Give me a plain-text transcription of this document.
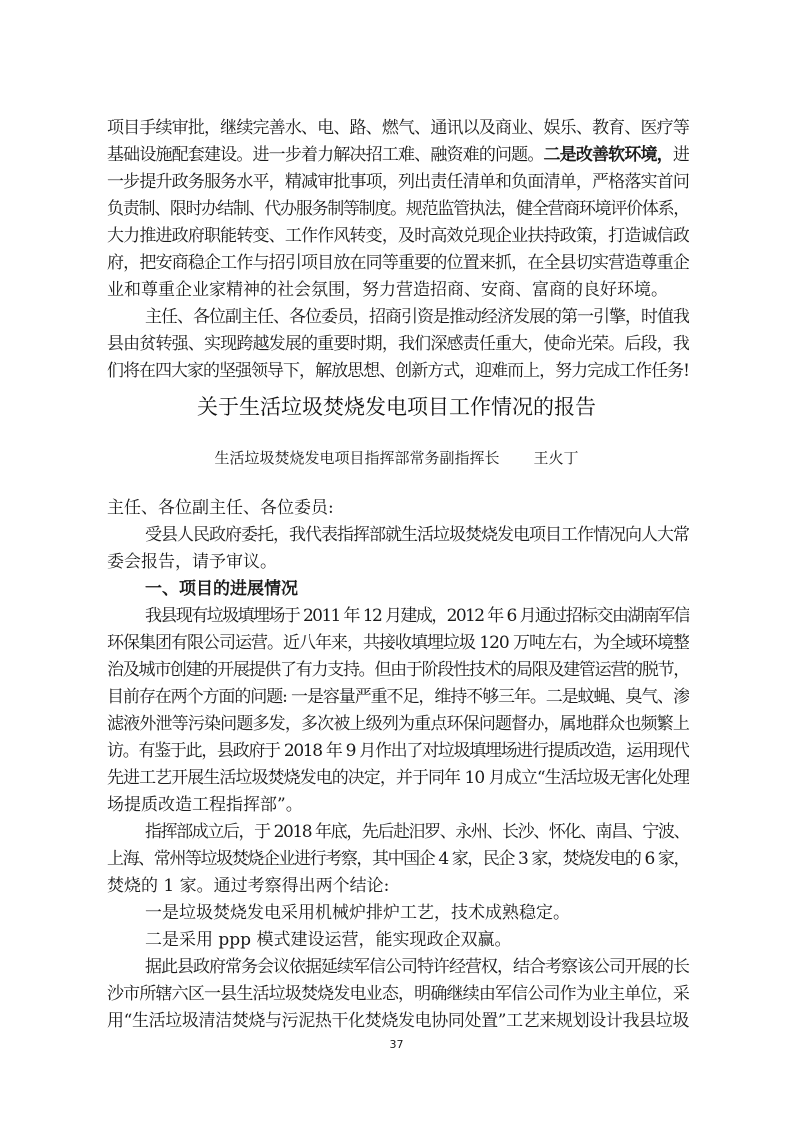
项目手续审批，继续完善水、电、路、燃气、通讯以及商业、娱乐、教育、医疗等
基础设施配套建设。进一步着力解决招工难、融资难的问题。二是改善软环境，进
一步提升政务服务水平，精减审批事项，列出责任清单和负面清单，严格落实首问
负责制、限时办结制、代办服务制等制度。规范监管执法，健全营商环境评价体系，
大力推进政府职能转变、工作作风转变，及时高效兑现企业扶持政策，打造诚信政
府，把安商稳企工作与招引项目放在同等重要的位置来抓，在全县切实营造尊重企
业和尊重企业家精神的社会氛围，努力营造招商、安商、富商的良好环境。
主任、各位副主任、各位委员，招商引资是推动经济发展的第一引擎，时值我
县由贫转强、实现跨越发展的重要时期，我们深感责任重大，使命光荣。后段，我
们将在四大家的坚强领导下，解放思想、创新方式，迎难而上，努力完成工作任务!
关于生活垃圾焚烧发电项目工作情况的报告
生活垃圾焚烧发电项目指挥部常务副指挥长 王火丁
主任、各位副主任、各位委员:
受县人民政府委托，我代表指挥部就生活垃圾焚烧发电项目工作情况向人大常
委会报告，请予审议。
一、项目的进展情况
我县现有垃圾填埋场于 2011 年 12 月建成，2012 年 6 月通过招标交由湖南军信
环保集团有限公司运营。近八年来，共接收填埋垃圾 120 万吨左右，为全域环境整
治及城市创建的开展提供了有力支持。但由于阶段性技术的局限及建管运营的脱节，
目前存在两个方面的问题: 一是容量严重不足，维持不够三年。二是蚊蝇、臭气、渗
滤液外泄等污染问题多发，多次被上级列为重点环保问题督办，属地群众也频繁上
访。有鉴于此，县政府于 2018 年 9 月作出了对垃圾填埋场进行提质改造，运用现代
先进工艺开展生活垃圾焚烧发电的决定，并于同年 10 月成立“生活垃圾无害化处理
场提质改造工程指挥部”。
指挥部成立后，于 2018 年底，先后赴汨罗、永州、长沙、怀化、南昌、宁波、
上海、常州等垃圾焚烧企业进行考察，其中国企 4 家，民企 3 家，焚烧发电的 6 家，
焚烧的 1 家。通过考察得出两个结论:
一是垃圾焚烧发电采用机械炉排炉工艺，技术成熟稳定。
二是采用 ppp 模式建设运营，能实现政企双赢。
据此县政府常务会议依据延续军信公司特许经营权，结合考察该公司开展的长
沙市所辖六区一县生活垃圾焚烧发电业态，明确继续由军信公司作为业主单位，采
用“生活垃圾清洁焚烧与污泥热干化焚烧发电协同处置”工艺来规划设计我县垃圾
37
